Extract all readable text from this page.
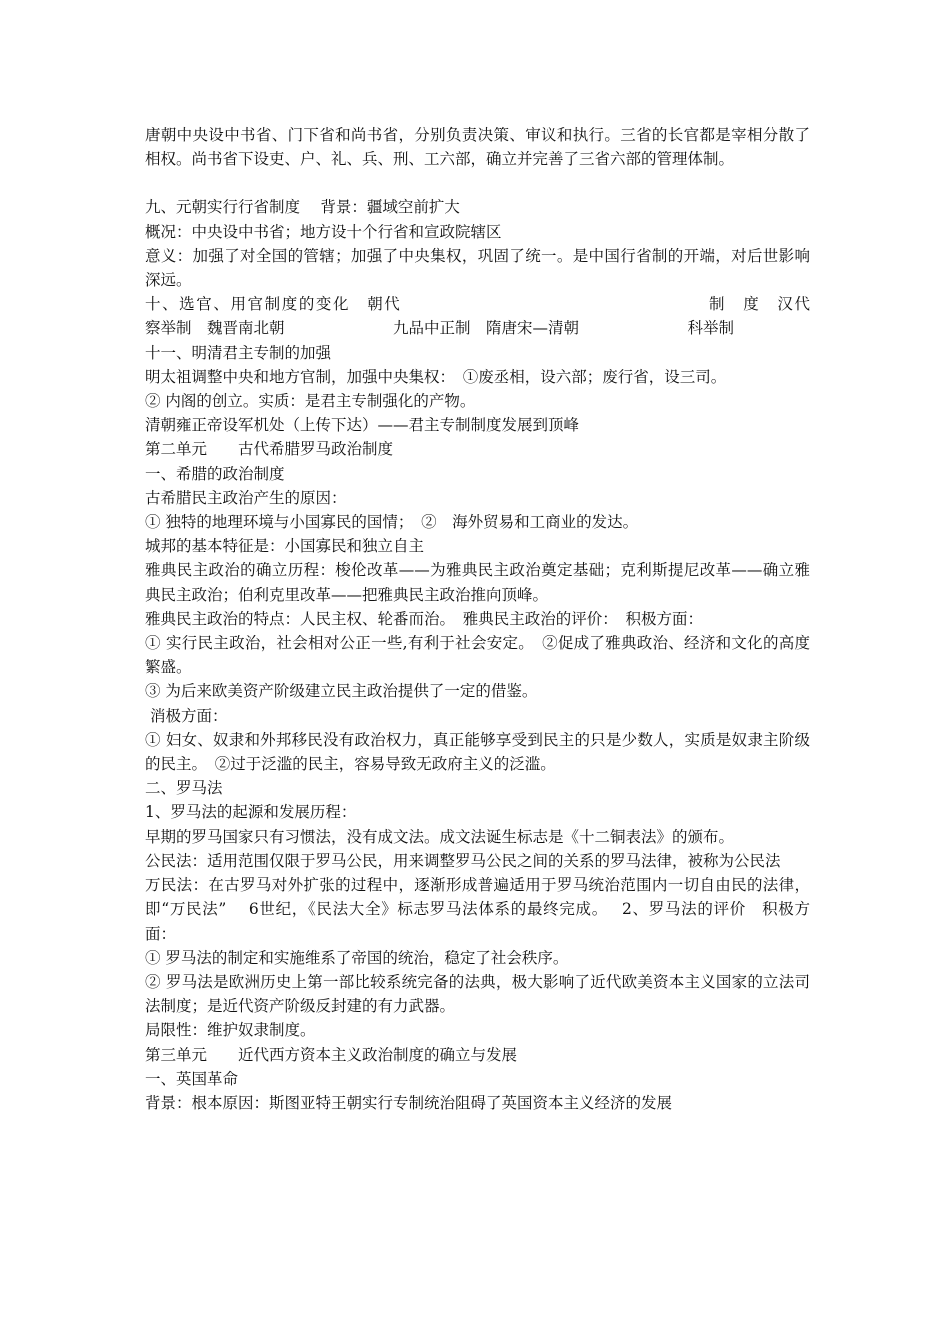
唐朝中央设中书省、门下省和尚书省，分别负责决策、审议和执行。三省的长官都是宰相分散了相权。尚书省下设吏、户、礼、兵、刑、工六部，确立并完善了三省六部的管理体制。

九、元朝实行行省制度　 背景：疆域空前扩大

概况：中央设中书省；地方设十个行省和宣政院辖区

意义：加强了对全国的管辖；加强了中央集权，巩固了统一。是中国行省制的开端，对后世影响深远。

十、选官、用官制度的变化　朝代　　　　　　　　　　　　　　　　　　制　度　汉代　　　　　　　　　察举制　魏晋南北朝　　　　　　　九品中正制　隋唐宋—清朝　　　　　　　科举制

十一、明清君主专制的加强

明太祖调整中央和地方官制，加强中央集权：　①废丞相，设六部；废行省，设三司。

② 内阁的创立。实质：是君主专制强化的产物。

清朝雍正帝设军机处（上传下达）——君主专制制度发展到顶峰

第二单元　　古代希腊罗马政治制度

一、希腊的政治制度

古希腊民主政治产生的原因：

① 独特的地理环境与小国寡民的国情；　②　海外贸易和工商业的发达。

城邦的基本特征是：小国寡民和独立自主

雅典民主政治的确立历程：梭伦改革——为雅典民主政治奠定基础；克利斯提尼改革——确立雅典民主政治；伯利克里改革——把雅典民主政治推向顶峰。

雅典民主政治的特点：人民主权、轮番而治。　雅典民主政治的评价：　积极方面：

① 实行民主政治，社会相对公正一些,有利于社会安定。　②促成了雅典政治、经济和文化的高度繁盛。

③ 为后来欧美资产阶级建立民主政治提供了一定的借鉴。

消极方面：

① 妇女、奴隶和外邦移民没有政治权力，真正能够享受到民主的只是少数人，实质是奴隶主阶级的民主。　②过于泛滥的民主，容易导致无政府主义的泛滥。

二、罗马法

1、罗马法的起源和发展历程：

早期的罗马国家只有习惯法，没有成文法。成文法诞生标志是《十二铜表法》的颁布。

公民法：适用范围仅限于罗马公民，用来调整罗马公民之间的关系的罗马法律，被称为公民法

万民法：在古罗马对外扩张的过程中，逐渐形成普遍适用于罗马统治范围内一切自由民的法律，即“万民法”　 6世纪，《民法大全》标志罗马法体系的最终完成。　 2、罗马法的评价　积极方面：

① 罗马法的制定和实施维系了帝国的统治，稳定了社会秩序。

② 罗马法是欧洲历史上第一部比较系统完备的法典，极大影响了近代欧美资本主义国家的立法司法制度；是近代资产阶级反封建的有力武器。

局限性：维护奴隶制度。

第三单元　　近代西方资本主义政治制度的确立与发展

一、英国革命

背景：根本原因：斯图亚特王朝实行专制统治阻碍了英国资本主义经济的发展
